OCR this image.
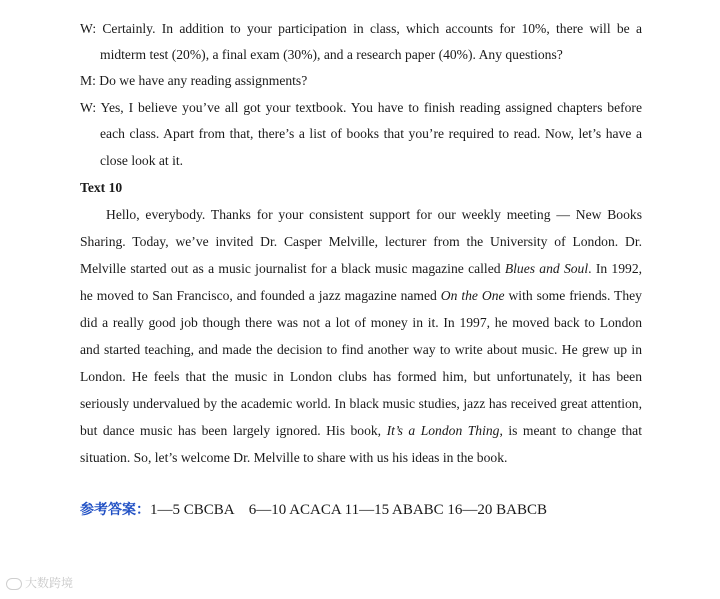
W: Certainly. In addition to your participation in class, which accounts for 10%, there will be a
midterm test (20%), a final exam (30%), and a research paper (40%). Any questions?
M: Do we have any reading assignments?
W: Yes, I believe you’ve all got your textbook. You have to finish reading assigned chapters before
each class. Apart from that, there’s a list of books that you’re required to read. Now, let’s have a
close look at it.
Text 10
Hello, everybody. Thanks for your consistent support for our weekly meeting — New Books
Sharing. Today, we’ve invited Dr. Casper Melville, lecturer from the University of London. Dr.
Melville started out as a music journalist for a black music magazine called Blues and Soul. In 1992,
he moved to San Francisco, and founded a jazz magazine named On the One with some friends. They
did a really good job though there was not a lot of money in it. In 1997, he moved back to London
and started teaching, and made the decision to find another way to write about music. He grew up in
London. He feels that the music in London clubs has formed him, but unfortunately, it has been
seriously undervalued by the academic world. In black music studies, jazz has received great attention,
but dance music has been largely ignored. His book, It’s a London Thing, is meant to change that
situation. So, let’s welcome Dr. Melville to share with us his ideas in the book.
参考答案：1—5 CBCBA    6—10 ACACA 11—15 ABABC 16—20 BABCB
大数跨境
